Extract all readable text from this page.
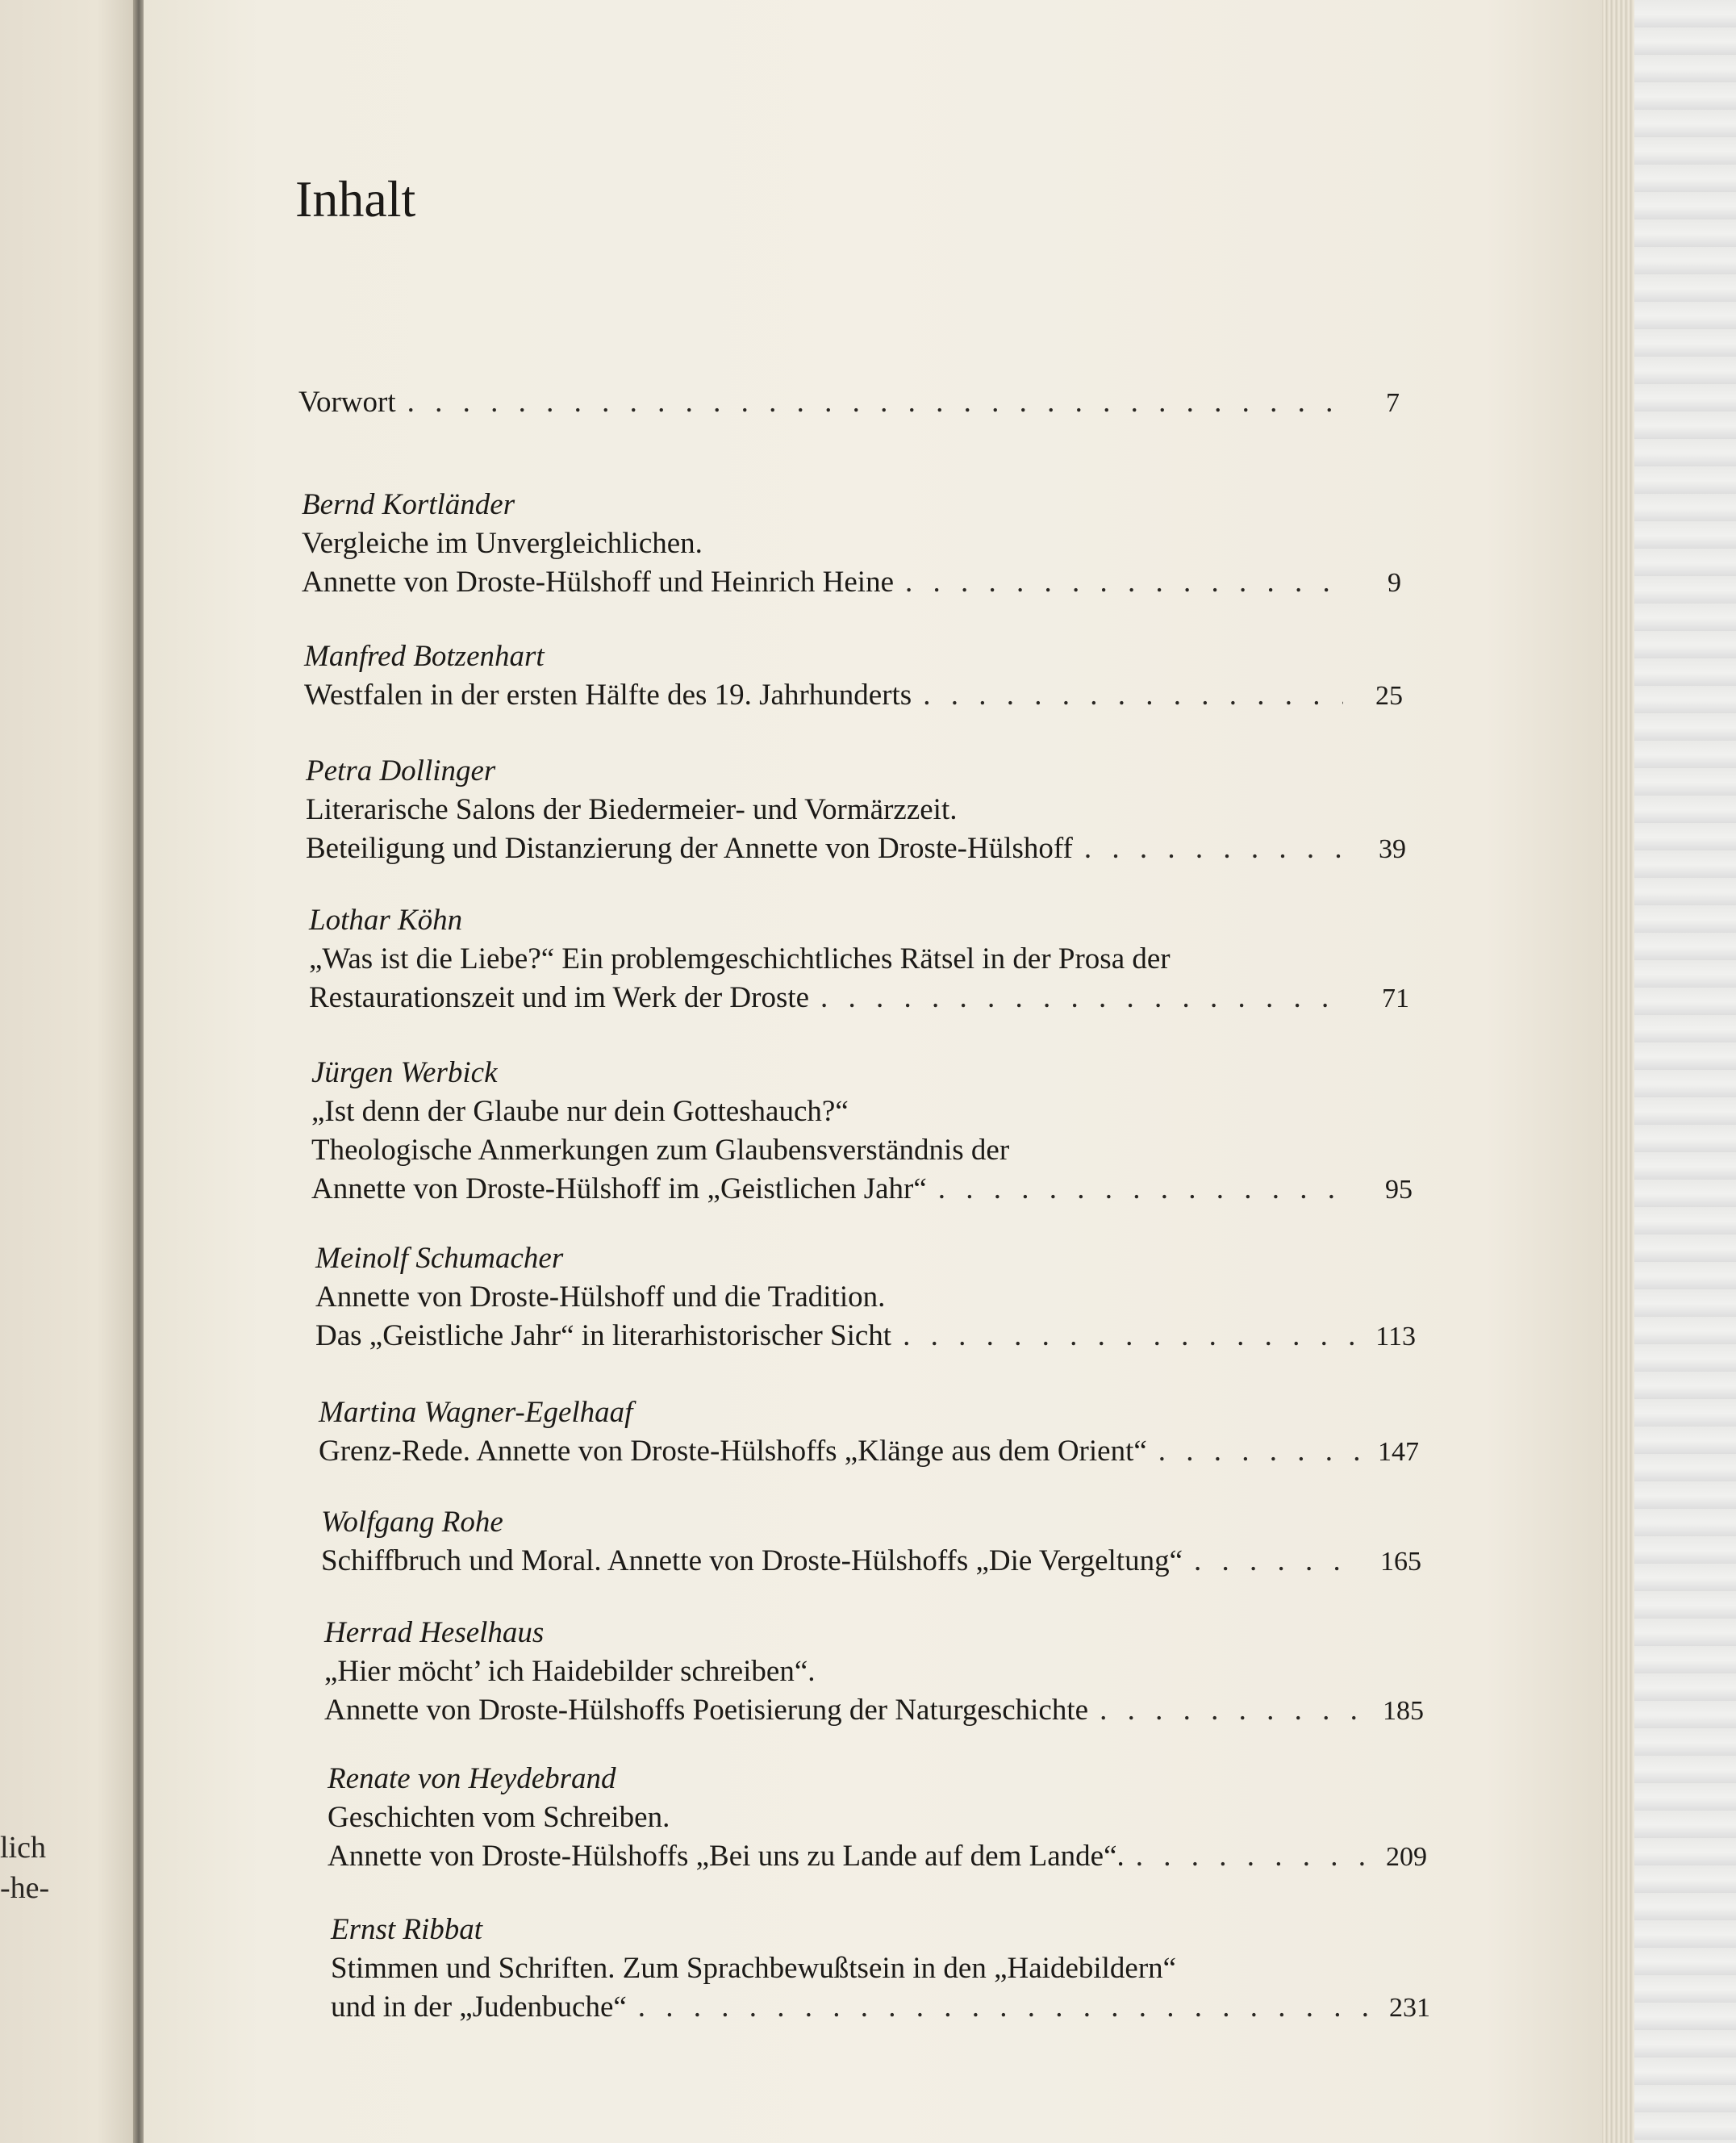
lich
-he-
Inhalt
Vorwort . . .	7
Bernd Kortländer
Vergleiche im Unvergleichlichen.
Annette von Droste-Hülshoff und Heinrich Heine . . .	9
Manfred Botzenhart
Westfalen in der ersten Hälfte des 19. Jahrhunderts . . .	25
Petra Dollinger
Literarische Salons der Biedermeier- und Vormärzzeit.
Beteiligung und Distanzierung der Annette von Droste-Hülshoff . . .	39
Lothar Köhn
„Was ist die Liebe?“ Ein problemgeschichtliches Rätsel in der Prosa der
Restaurationszeit und im Werk der Droste . . .	71
Jürgen Werbick
„Ist denn der Glaube nur dein Gotteshauch?“
Theologische Anmerkungen zum Glaubensverständnis der
Annette von Droste-Hülshoff im „Geistlichen Jahr“ . . .	95
Meinolf Schumacher
Annette von Droste-Hülshoff und die Tradition.
Das „Geistliche Jahr“ in literarhistorischer Sicht . . .	113
Martina Wagner-Egelhaaf
Grenz-Rede. Annette von Droste-Hülshoffs „Klänge aus dem Orient“ . . .	147
Wolfgang Rohe
Schiffbruch und Moral. Annette von Droste-Hülshoffs „Die Vergeltung“ . . .	165
Herrad Heselhaus
„Hier möcht’ ich Haidebilder schreiben“.
Annette von Droste-Hülshoffs Poetisierung der Naturgeschichte . . .	185
Renate von Heydebrand
Geschichten vom Schreiben.
Annette von Droste-Hülshoffs „Bei uns zu Lande auf dem Lande“. . . .	209
Ernst Ribbat
Stimmen und Schriften. Zum Sprachbewußtsein in den „Haidebildern“
und in der „Judenbuche“ . . .	231
